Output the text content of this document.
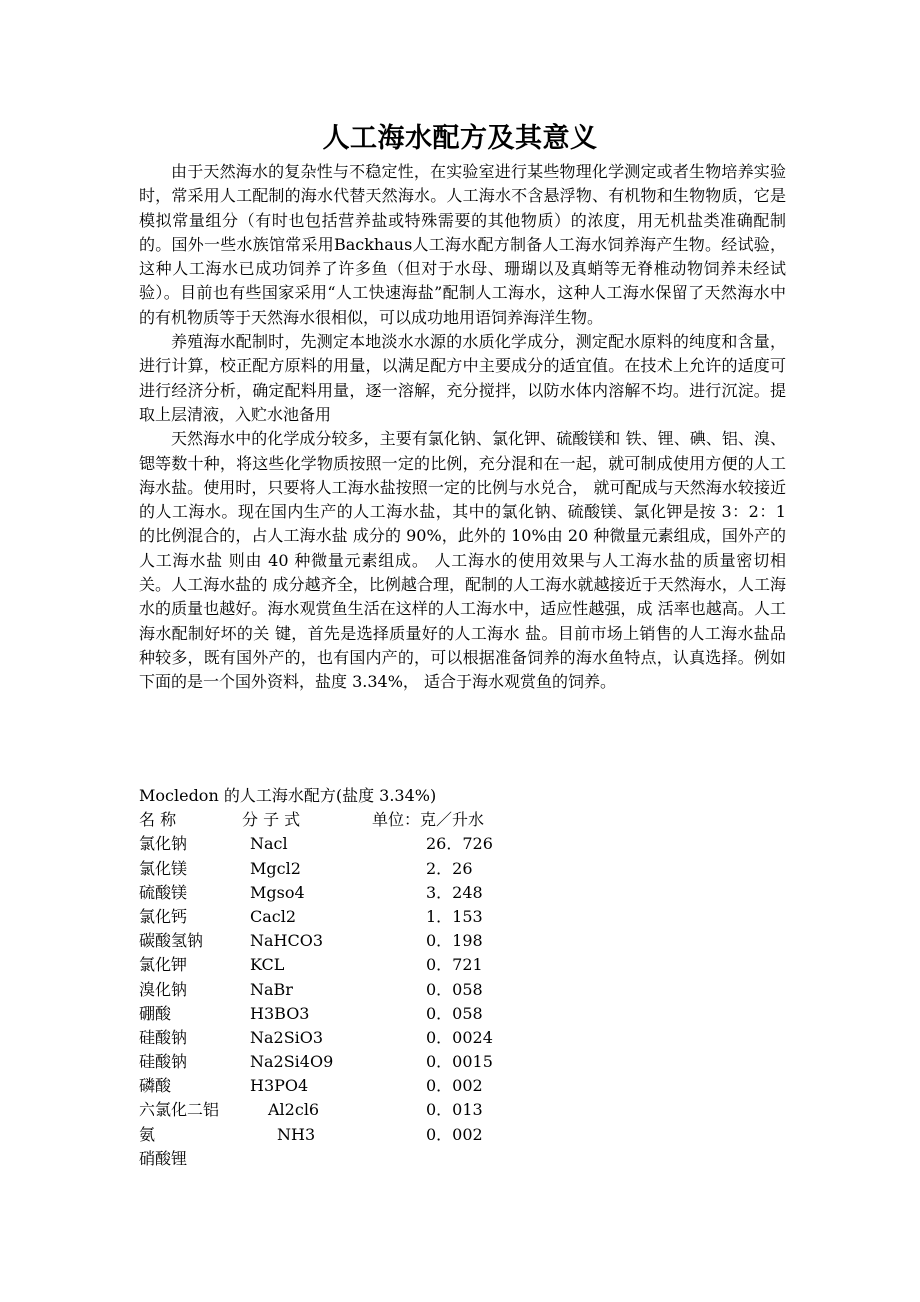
人工海水配方及其意义

由于天然海水的复杂性与不稳定性，在实验室进行某些物理化学测定或者生物培养实验时，常采用人工配制的海水代替天然海水。人工海水不含悬浮物、有机物和生物物质，它是模拟常量组分（有时也包括营养盐或特殊需要的其他物质）的浓度，用无机盐类准确配制的。国外一些水族馆常采用Backhaus人工海水配方制备人工海水饲养海产生物。经试验，这种人工海水已成功饲养了许多鱼（但对于水母、珊瑚以及真蛸等无脊椎动物饲养未经试验）。目前也有些国家采用“人工快速海盐”配制人工海水，这种人工海水保留了天然海水中的有机物质等于天然海水很相似，可以成功地用语饲养海洋生物。

养殖海水配制时，先测定本地淡水水源的水质化学成分，测定配水原料的纯度和含量，进行计算，校正配方原料的用量，以满足配方中主要成分的适宜值。在技术上允许的适度可进行经济分析，确定配料用量，逐一溶解，充分搅拌，以防水体内溶解不均。进行沉淀。提取上层清液，入贮水池备用

天然海水中的化学成分较多，主要有氯化钠、氯化钾、硫酸镁和 铁、锂、碘、铝、溴、锶等数十种，将这些化学物质按照一定的比例，充分混和在一起，就可制成使用方便的人工海水盐。使用时，只要将人工海水盐按照一定的比例与水兑合， 就可配成与天然海水较接近的人工海水。现在国内生产的人工海水盐，其中的氯化钠、硫酸镁、氯化钾是按 3：2：1 的比例混合的，占人工海水盐 成分的 90%，此外的 10%由 20 种微量元素组成，国外产的人工海水盐 则由 40 种微量元素组成。 人工海水的使用效果与人工海水盐的质量密切相关。人工海水盐的 成分越齐全，比例越合理，配制的人工海水就越接近于天然海水，人工海 水的质量也越好。海水观赏鱼生活在这样的人工海水中，适应性越强，成 活率也越高。人工海水配制好坏的关 键，首先是选择质量好的人工海水 盐。目前市场上销售的人工海水盐品种较多，既有国外产的，也有国内产的，可以根据准备饲养的海水鱼特点，认真选择。例如下面的是一个国外资料，盐度 3.34%， 适合于海水观赏鱼的饲养。

Mocledon 的人工海水配方(盐度 3.34%)
名 称	分 子 式	单位：克／升水
氯化钠	Nacl	26．726
氯化镁	Mgcl2	2．26
硫酸镁	Mgso4	3．248
氯化钙	Cacl2	1．153
碳酸氢钠	NaHCO3	0．198
氯化钾	KCL	0．721
溴化钠	NaBr	0．058
硼酸	H3BO3	0．058
硅酸钠	Na2SiO3	0．0024
硅酸钠	Na2Si4O9	0．0015
磷酸	H3PO4	0．002
六氯化二铝	Al2cl6	0．013
氨	NH3	0．002
硝酸锂
